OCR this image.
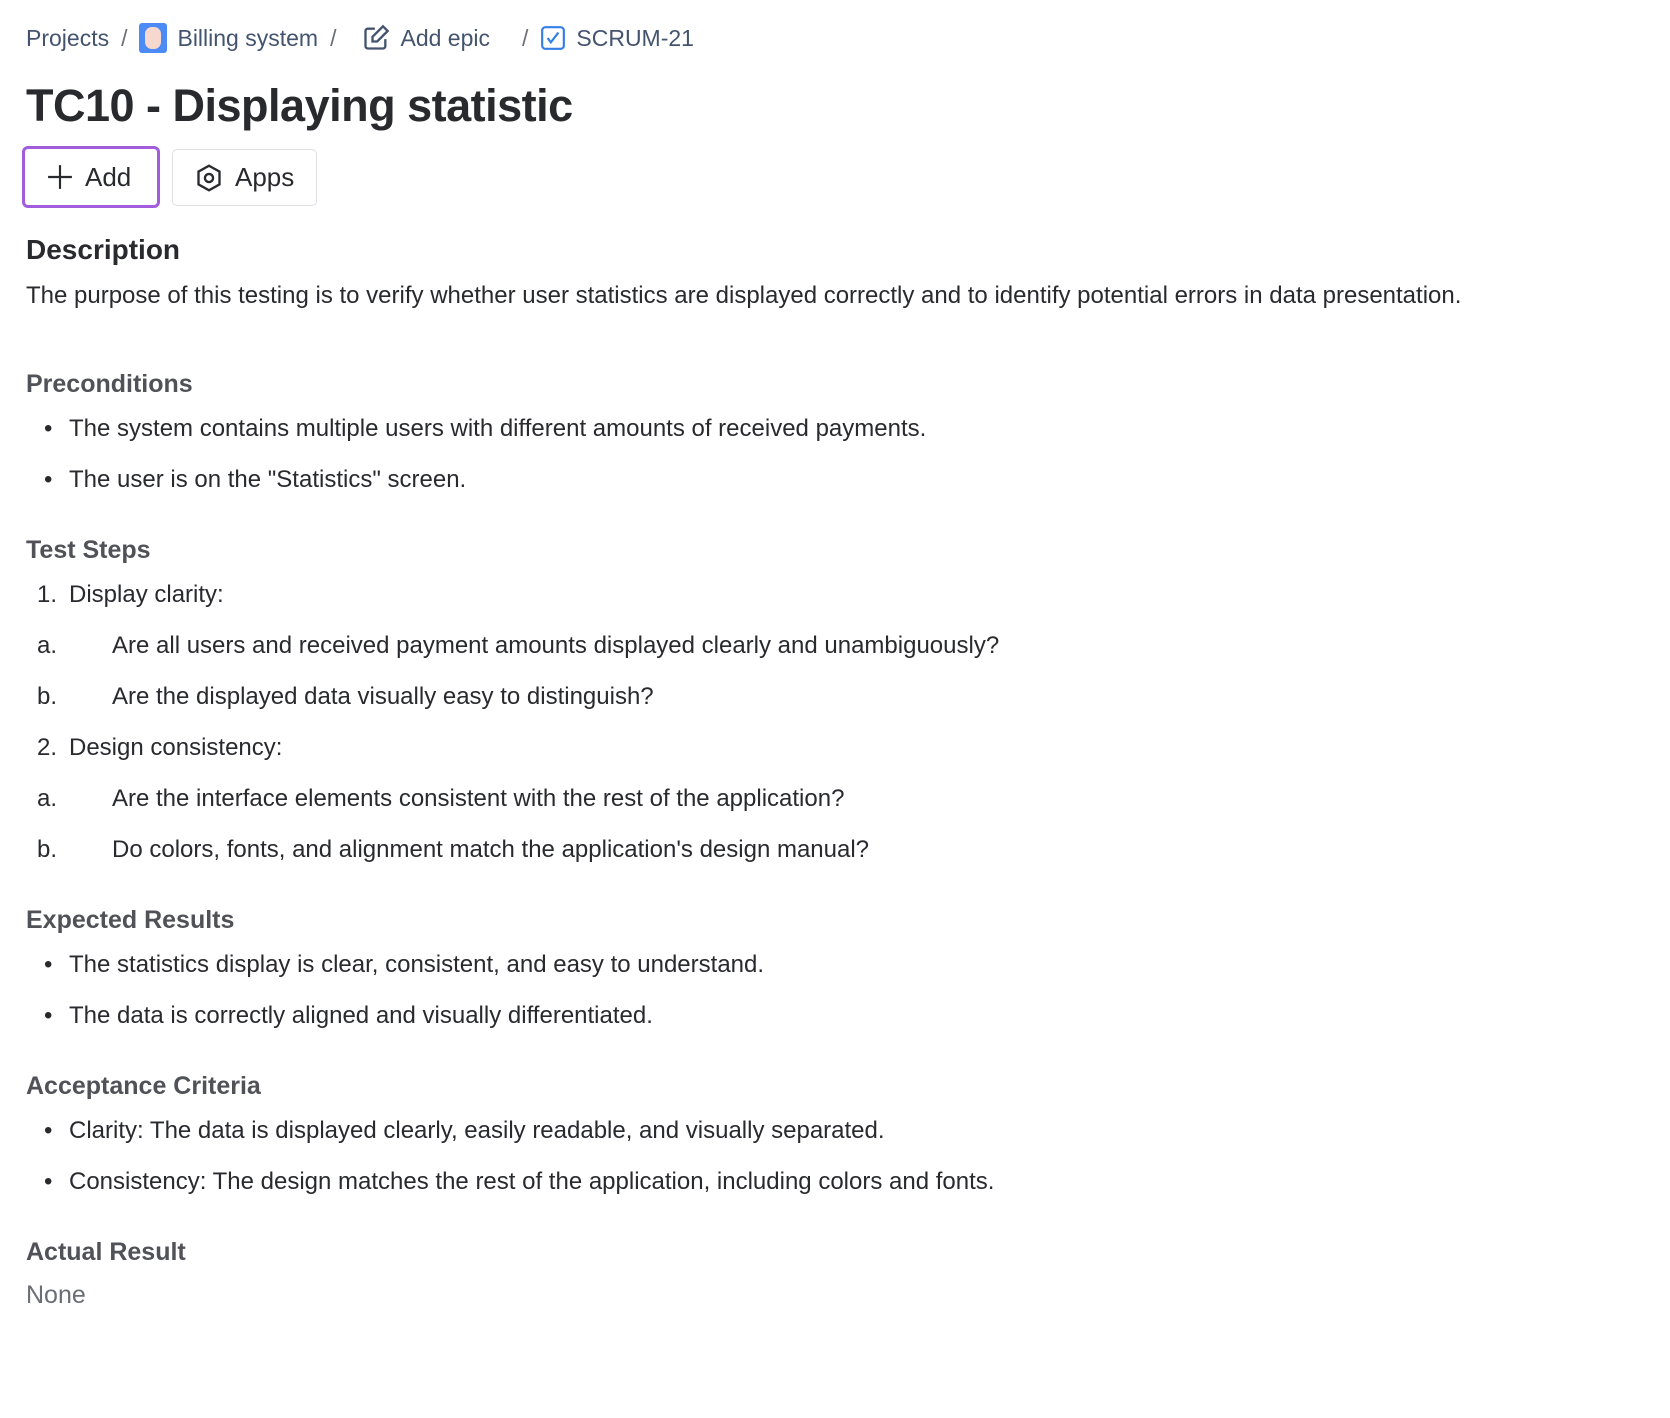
Projects / Billing system /	Add epic / SCRUM-21
TC10 - Displaying statistic
Add	Apps
Description

The purpose of this testing is to verify whether user statistics are displayed correctly and to identify potential errors in data presentation.

Preconditions
• The system contains multiple users with different amounts of received payments.
• The user is on the "Statistics" screen.
Test Steps
1. Display clarity:
a. Are all users and received payment amounts displayed clearly and unambiguously?
b. Are the displayed data visually easy to distinguish?
2. Design consistency:
a. Are the interface elements consistent with the rest of the application?
b. Do colors, fonts, and alignment match the application's design manual?
Expected Results
• The statistics display is clear, consistent, and easy to understand.
• The data is correctly aligned and visually differentiated.
Acceptance Criteria
• Clarity: The data is displayed clearly, easily readable, and visually separated.
• Consistency: The design matches the rest of the application, including colors and fonts.
Actual Result
None
